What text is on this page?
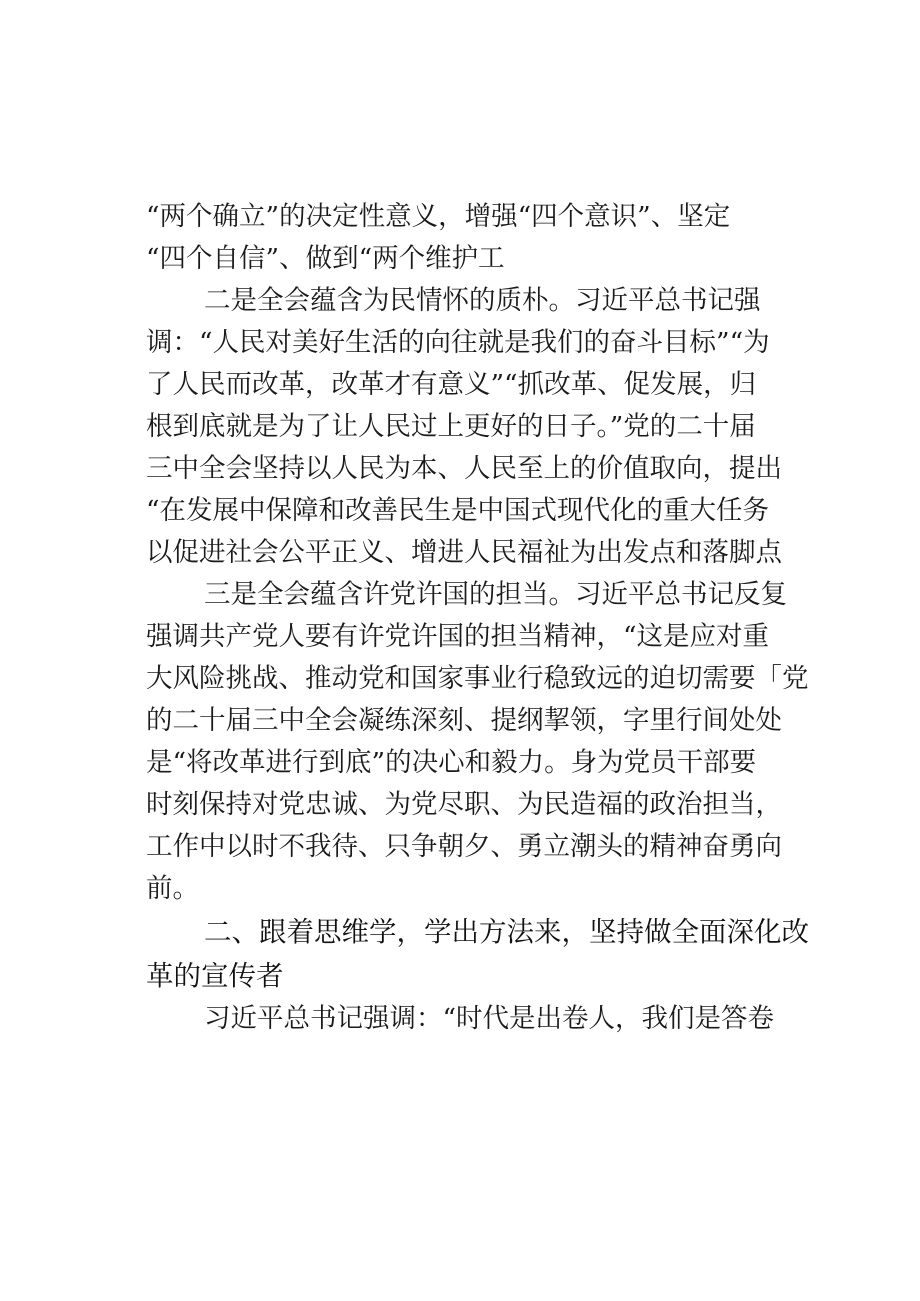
“两个确立”的决定性意义，增强“四个意识”、坚定
“四个自信”、做到“两个维护工
二是全会蕴含为民情怀的质朴。习近平总书记强
调：“人民对美好生活的向往就是我们的奋斗目标”“为
了人民而改革，改革才有意义”“抓改革、促发展，归
根到底就是为了让人民过上更好的日子。”党的二十届
三中全会坚持以人民为本、人民至上的价值取向，提出
“在发展中保障和改善民生是中国式现代化的重大任务
以促进社会公平正义、增进人民福祉为出发点和落脚点
三是全会蕴含许党许国的担当。习近平总书记反复
强调共产党人要有许党许国的担当精神，“这是应对重
大风险挑战、推动党和国家事业行稳致远的迫切需要「党
的二十届三中全会凝练深刻、提纲挈领，字里行间处处
是“将改革进行到底”的决心和毅力。身为党员干部要
时刻保持对党忠诚、为党尽职、为民造福的政治担当，
工作中以时不我待、只争朝夕、勇立潮头的精神奋勇向
前。
二、跟着思维学，学出方法来，坚持做全面深化改
革的宣传者
习近平总书记强调：“时代是出卷人，我们是答卷
